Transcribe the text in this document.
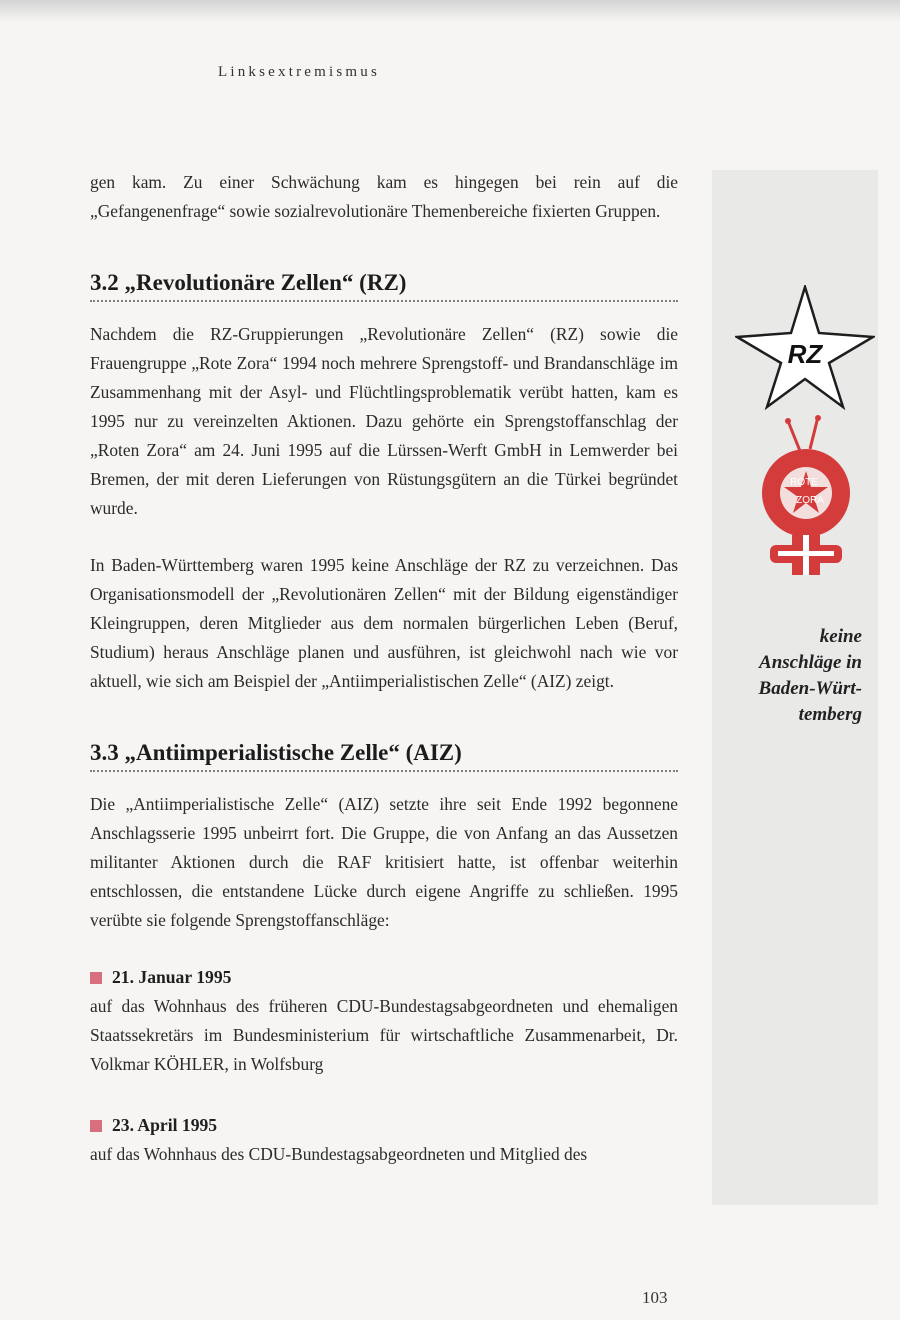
Linksextremismus

gen kam. Zu einer Schwächung kam es hingegen bei rein auf die „Gefangenenfrage“ sowie sozialrevolutionäre Themenbereiche fixierten Gruppen.

3.2 „Revolutionäre Zellen“ (RZ)

Nachdem die RZ-Gruppierungen „Revolutionäre Zellen“ (RZ) sowie die Frauengruppe „Rote Zora“ 1994 noch mehrere Sprengstoff- und Brandanschläge im Zusammenhang mit der Asyl- und Flüchtlingsproblematik verübt hatten, kam es 1995 nur zu vereinzelten Aktionen. Dazu gehörte ein Sprengstoffanschlag der „Roten Zora“ am 24. Juni 1995 auf die Lürssen-Werft GmbH in Lemwerder bei Bremen, der mit deren Lieferungen von Rüstungsgütern an die Türkei begründet wurde.

In Baden-Württemberg waren 1995 keine Anschläge der RZ zu verzeichnen. Das Organisationsmodell der „Revolutionären Zellen“ mit der Bildung eigenständiger Kleingruppen, deren Mitglieder aus dem normalen bürgerlichen Leben (Beruf, Studium) heraus Anschläge planen und ausführen, ist gleichwohl nach wie vor aktuell, wie sich am Beispiel der „Antiimperialistischen Zelle“ (AIZ) zeigt.

3.3 „Antiimperialistische Zelle“ (AIZ)

Die „Antiimperialistische Zelle“ (AIZ) setzte ihre seit Ende 1992 begonnene Anschlagsserie 1995 unbeirrt fort. Die Gruppe, die von Anfang an das Aussetzen militanter Aktionen durch die RAF kritisiert hatte, ist offenbar weiterhin entschlossen, die entstandene Lücke durch eigene Angriffe zu schließen. 1995 verübte sie folgende Sprengstoffanschläge:

21. Januar 1995

auf das Wohnhaus des früheren CDU-Bundestagsabgeordneten und ehemaligen Staatssekretärs im Bundesministerium für wirtschaftliche Zusammenarbeit, Dr. Volkmar KÖHLER, in Wolfsburg

23. April 1995

auf das Wohnhaus des CDU-Bundestagsabgeordneten und Mitglied des

RZ
ROTE
ZORA
keine
Anschläge in
Baden-Würt-
temberg
103
